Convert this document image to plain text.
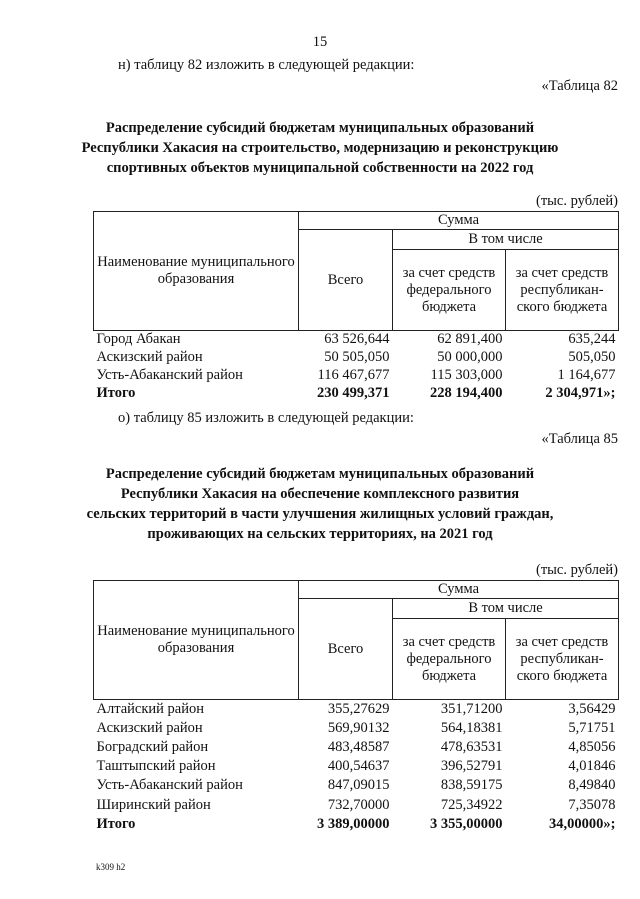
15
н) таблицу 82 изложить в следующей редакции:
«Таблица 82
Распределение субсидий бюджетам муниципальных образований
Республики Хакасия на строительство, модернизацию и реконструкцию
спортивных объектов муниципальной собственности на 2022 год
(тыс. рублей)
Наименование муниципального образования	Сумма		
	Всего	В том числе	
		за счет средств федерального бюджета	за счет средств республикан-ского бюджета
Город Абакан	63 526,644	62 891,400	635,244
Аскизский район	50 505,050	50 000,000	505,050
Усть-Абаканский район	116 467,677	115 303,000	1 164,677
Итого	230 499,371	228 194,400	2 304,971»;
о) таблицу 85 изложить в следующей редакции:
«Таблица 85
Распределение субсидий бюджетам муниципальных образований
Республики Хакасия на обеспечение комплексного развития
сельских территорий в части улучшения жилищных условий граждан,
проживающих на сельских территориях, на 2021 год
(тыс. рублей)
Наименование муниципального образования	Сумма		
	Всего	В том числе	
		за счет средств федерального бюджета	за счет средств республикан-ского бюджета
Алтайский район	355,27629	351,71200	3,56429
Аскизский район	569,90132	564,18381	5,71751
Боградский район	483,48587	478,63531	4,85056
Таштыпский район	400,54637	396,52791	4,01846
Усть-Абаканский район	847,09015	838,59175	8,49840
Ширинский район	732,70000	725,34922	7,35078
Итого	3 389,00000	3 355,00000	34,00000»;
k309 h2
